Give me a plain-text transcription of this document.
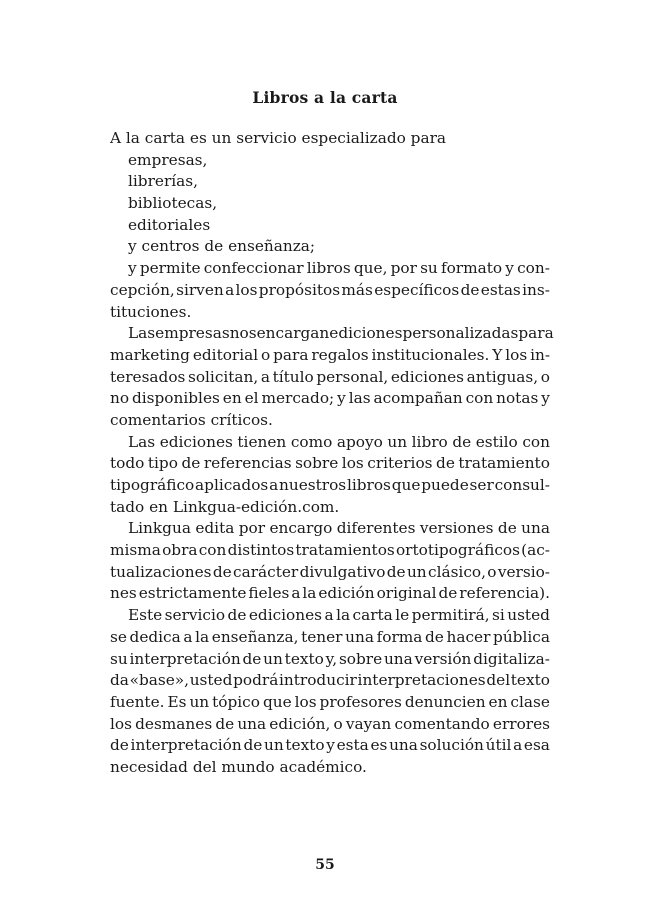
Libros a la carta
A la carta es un servicio especializado para
empresas,
librerías,
bibliotecas,
editoriales
y centros de enseñanza;
y permite confeccionar libros que, por su formato y con-
cepción, sirven a los propósitos más específicos de estas ins-
tituciones.
Las empresas nos encargan ediciones personalizadas para
marketing editorial o para regalos institucionales. Y los in-
teresados solicitan, a título personal, ediciones antiguas, o
no disponibles en el mercado; y las acompañan con notas y
comentarios críticos.
Las ediciones tienen como apoyo un libro de estilo con
todo tipo de referencias sobre los criterios de tratamiento
tipográfico aplicados a nuestros libros que puede ser consul-
tado en Linkgua-edición.com.
Linkgua edita por encargo diferentes versiones de una
misma obra con distintos tratamientos ortotipográficos (ac-
tualizaciones de carácter divulgativo de un clásico, o versio-
nes estrictamente fieles a la edición original de referencia).
Este servicio de ediciones a la carta le permitirá, si usted
se dedica a la enseñanza, tener una forma de hacer pública
su interpretación de un texto y, sobre una versión digitaliza-
da «base», usted podrá introducir interpretaciones del texto
fuente. Es un tópico que los profesores denuncien en clase
los desmanes de una edición, o vayan comentando errores
de interpretación de un texto y esta es una solución útil a esa
necesidad del mundo académico.
55
